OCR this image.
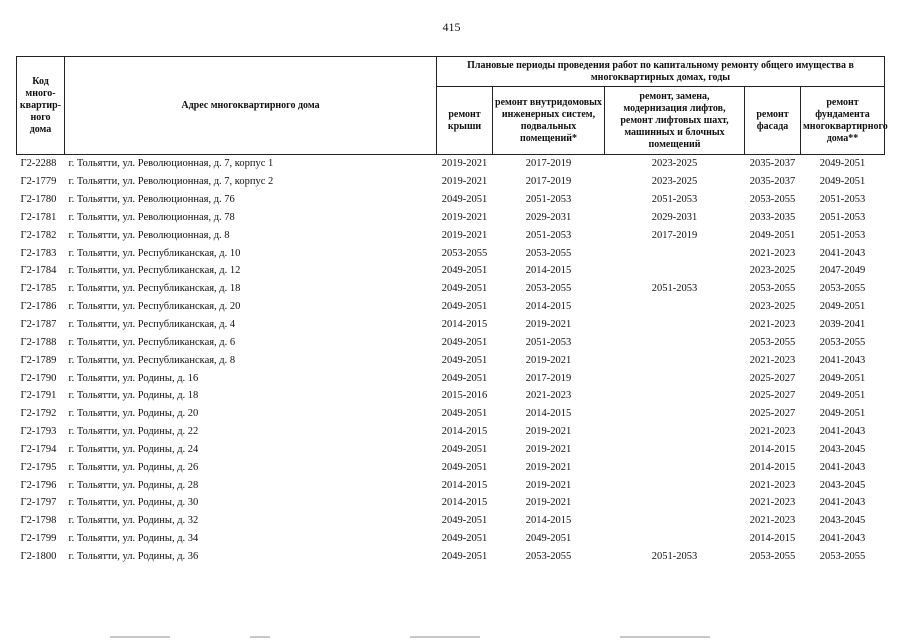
415
Код много-квартир-ного дома	Адрес многоквартирного дома	Плановые периоды проведения работ по капитальному ремонту общего имущества в многоквартирных домах, годы				
		ремонт крыши	ремонт внутридомовых инженерных систем, подвальных помещений*	ремонт, замена, модернизация лифтов, ремонт лифтовых шахт, машинных и блочных помещений	ремонт фасада	ремонт фундамента многоквартирного дома**
Г2-2288	г. Тольятти, ул. Революционная, д. 7, корпус 1	2019-2021	2017-2019	2023-2025	2035-2037	2049-2051
Г2-1779	г. Тольятти, ул. Революционная, д. 7, корпус 2	2019-2021	2017-2019	2023-2025	2035-2037	2049-2051
Г2-1780	г. Тольятти, ул. Революционная, д. 76	2049-2051	2051-2053	2051-2053	2053-2055	2051-2053
Г2-1781	г. Тольятти, ул. Революционная, д. 78	2019-2021	2029-2031	2029-2031	2033-2035	2051-2053
Г2-1782	г. Тольятти, ул. Революционная, д. 8	2019-2021	2051-2053	2017-2019	2049-2051	2051-2053
Г2-1783	г. Тольятти, ул. Республиканская, д. 10	2053-2055	2053-2055		2021-2023	2041-2043
Г2-1784	г. Тольятти, ул. Республиканская, д. 12	2049-2051	2014-2015		2023-2025	2047-2049
Г2-1785	г. Тольятти, ул. Республиканская, д. 18	2049-2051	2053-2055	2051-2053	2053-2055	2053-2055
Г2-1786	г. Тольятти, ул. Республиканская, д. 20	2049-2051	2014-2015		2023-2025	2049-2051
Г2-1787	г. Тольятти, ул. Республиканская, д. 4	2014-2015	2019-2021		2021-2023	2039-2041
Г2-1788	г. Тольятти, ул. Республиканская, д. 6	2049-2051	2051-2053		2053-2055	2053-2055
Г2-1789	г. Тольятти, ул. Республиканская, д. 8	2049-2051	2019-2021		2021-2023	2041-2043
Г2-1790	г. Тольятти, ул. Родины, д. 16	2049-2051	2017-2019		2025-2027	2049-2051
Г2-1791	г. Тольятти, ул. Родины, д. 18	2015-2016	2021-2023		2025-2027	2049-2051
Г2-1792	г. Тольятти, ул. Родины, д. 20	2049-2051	2014-2015		2025-2027	2049-2051
Г2-1793	г. Тольятти, ул. Родины, д. 22	2014-2015	2019-2021		2021-2023	2041-2043
Г2-1794	г. Тольятти, ул. Родины, д. 24	2049-2051	2019-2021		2014-2015	2043-2045
Г2-1795	г. Тольятти, ул. Родины, д. 26	2049-2051	2019-2021		2014-2015	2041-2043
Г2-1796	г. Тольятти, ул. Родины, д. 28	2014-2015	2019-2021		2021-2023	2043-2045
Г2-1797	г. Тольятти, ул. Родины, д. 30	2014-2015	2019-2021		2021-2023	2041-2043
Г2-1798	г. Тольятти, ул. Родины, д. 32	2049-2051	2014-2015		2021-2023	2043-2045
Г2-1799	г. Тольятти, ул. Родины, д. 34	2049-2051	2049-2051		2014-2015	2041-2043
Г2-1800	г. Тольятти, ул. Родины, д. 36	2049-2051	2053-2055	2051-2053	2053-2055	2053-2055
